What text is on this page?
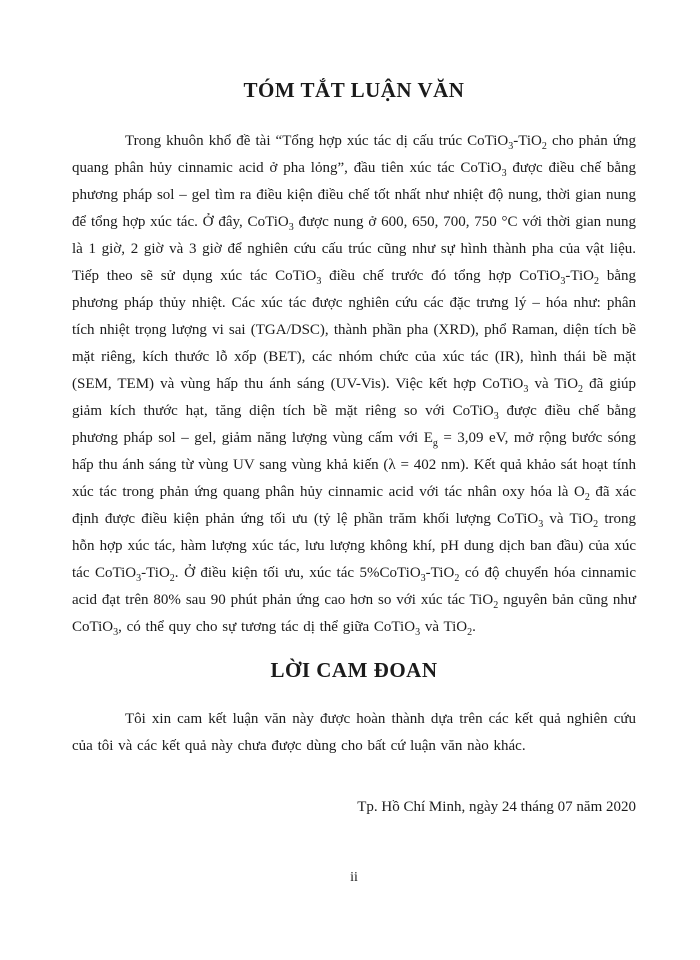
TÓM TẮT LUẬN VĂN

Trong khuôn khổ đề tài “Tổng hợp xúc tác dị cấu trúc CoTiO$_3$-TiO$_2$ cho phản ứng quang phân hủy cinnamic acid ở pha lỏng”, đầu tiên xúc tác CoTiO$_3$ được điều chế bằng phương pháp sol – gel tìm ra điều kiện điều chế tốt nhất như nhiệt độ nung, thời gian nung để tổng hợp xúc tác. Ở đây, CoTiO$_3$ được nung ở 600, 650, 700, 750 °C với thời gian nung là 1 giờ, 2 giờ và 3 giờ để nghiên cứu cấu trúc cũng như sự hình thành pha của vật liệu. Tiếp theo sẽ sử dụng xúc tác CoTiO$_3$ điều chế trước đó tổng hợp CoTiO$_3$-TiO$_2$ bằng phương pháp thủy nhiệt. Các xúc tác được nghiên cứu các đặc trưng lý – hóa như: phân tích nhiệt trọng lượng vi sai (TGA/DSC), thành phần pha (XRD), phổ Raman, diện tích bề mặt riêng, kích thước lỗ xốp (BET), các nhóm chức của xúc tác (IR), hình thái bề mặt (SEM, TEM) và vùng hấp thu ánh sáng (UV-Vis). Việc kết hợp CoTiO$_3$ và TiO$_2$ đã giúp giảm kích thước hạt, tăng diện tích bề mặt riêng so với CoTiO$_3$ được điều chế bằng phương pháp sol – gel, giảm năng lượng vùng cấm với $E_g = 3,09$ eV, mở rộng bước sóng hấp thu ánh sáng từ vùng UV sang vùng khả kiến (λ = 402 nm). Kết quả khảo sát hoạt tính xúc tác trong phản ứng quang phân hủy cinnamic acid với tác nhân oxy hóa là $O_2$ đã xác định được điều kiện phản ứng tối ưu (tỷ lệ phần trăm khối lượng CoTiO$_3$ và TiO$_2$ trong hỗn hợp xúc tác, hàm lượng xúc tác, lưu lượng không khí, pH dung dịch ban đầu) của xúc tác CoTiO$_3$-TiO$_2$. Ở điều kiện tối ưu, xúc tác 5%CoTiO$_3$-TiO$_2$ có độ chuyển hóa cinnamic acid đạt trên 80% sau 90 phút phản ứng cao hơn so với xúc tác TiO$_2$ nguyên bản cũng như CoTiO$_3$, có thể quy cho sự tương tác dị thể giữa CoTiO$_3$ và TiO$_2$.

LỜI CAM ĐOAN

Tôi xin cam kết luận văn này được hoàn thành dựa trên các kết quả nghiên cứu của tôi và các kết quả này chưa được dùng cho bất cứ luận văn nào khác.

Tp. Hồ Chí Minh, ngày 24 tháng 07 năm 2020

ii
